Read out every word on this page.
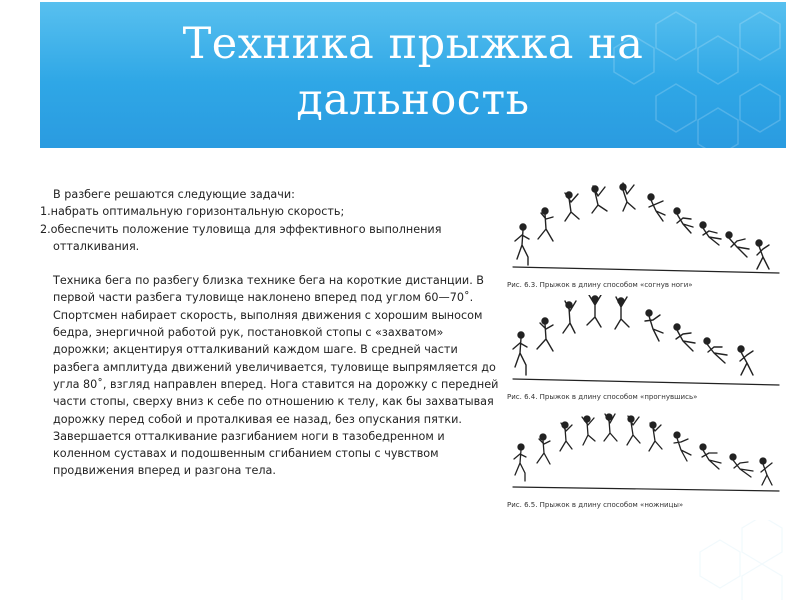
Техника прыжка на
дальность
В разбеге решаются следующие задачи:
1.набрать оптимальную горизонтальную скорость;
2.обеспечить положение туловища для эффективного выполнения
отталкивания.
Техника бега по разбегу близка технике бега на короткие дистанции. В
первой части разбега туловище наклонено вперед под углом 60—70˚.
Спортсмен набирает скорость, выполняя движения с хорошим выносом
бедра, энергичной работой рук, постановкой стопы с «захватом»
дорожки; акцентируя отталкиваний каждом шаге. В средней части
разбега амплитуда движений увеличивается, туловище выпрямляется до
угла 80˚, взгляд направлен вперед. Нога ставится на дорожку с передней
части стопы, сверху вниз к себе по отношению к телу, как бы захватывая
дорожку перед собой и проталкивая ее назад, без опускания пятки.
Завершается отталкивание разгибанием ноги в тазобедренном и
коленном суставах и подошвенным сгибанием стопы с чувством
продвижения вперед и разгона тела.
Рис. 6.3. Прыжок в длину способом «согнув ноги»
Рис. 6.4. Прыжок в длину способом «прогнувшись»
Рис. 6.5. Прыжок в длину способом «ножницы»
